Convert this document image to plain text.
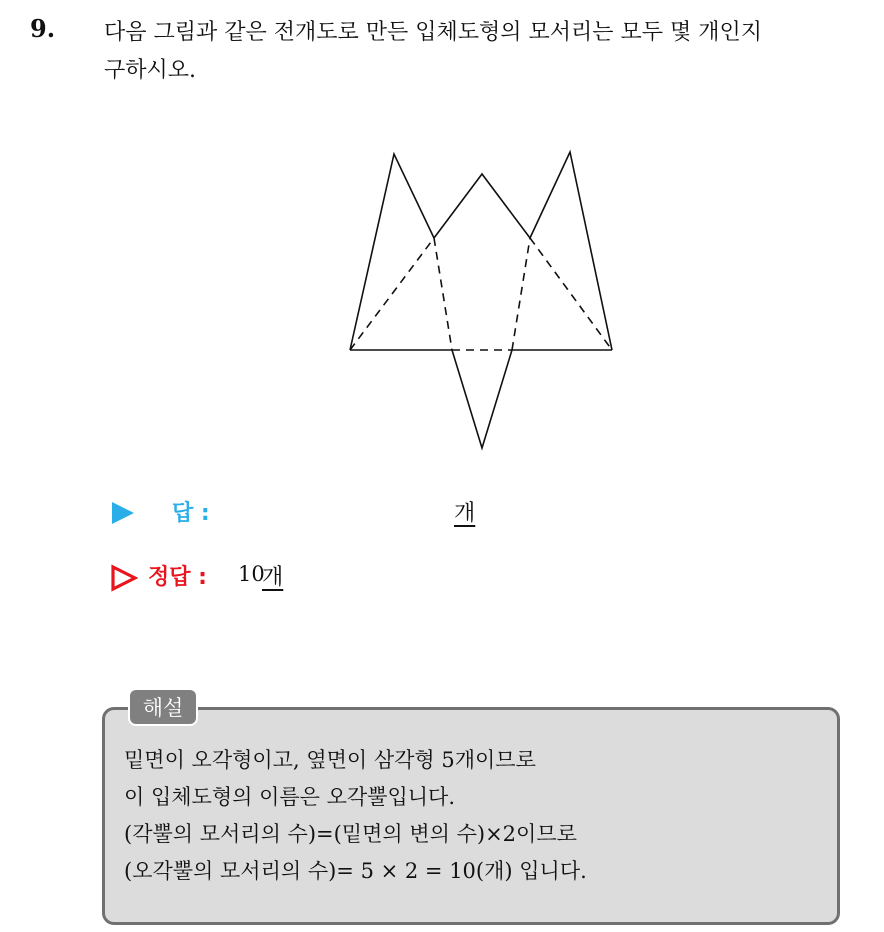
9. 다음 그림과 같은 전개도로 만든 입체도형의 모서리는 모두 몇 개인지
구하시오.
답 :	개
정답 : 10
개
해설
밑면이 오각형이고, 옆면이 삼각형 5개이므로
이 입체도형의 이름은 오각뿔입니다.
(각뿔의 모서리의 수)=(밑면의 변의 수)×2이므로
(오각뿔의 모서리의 수)= 5 × 2 = 10(개) 입니다.
